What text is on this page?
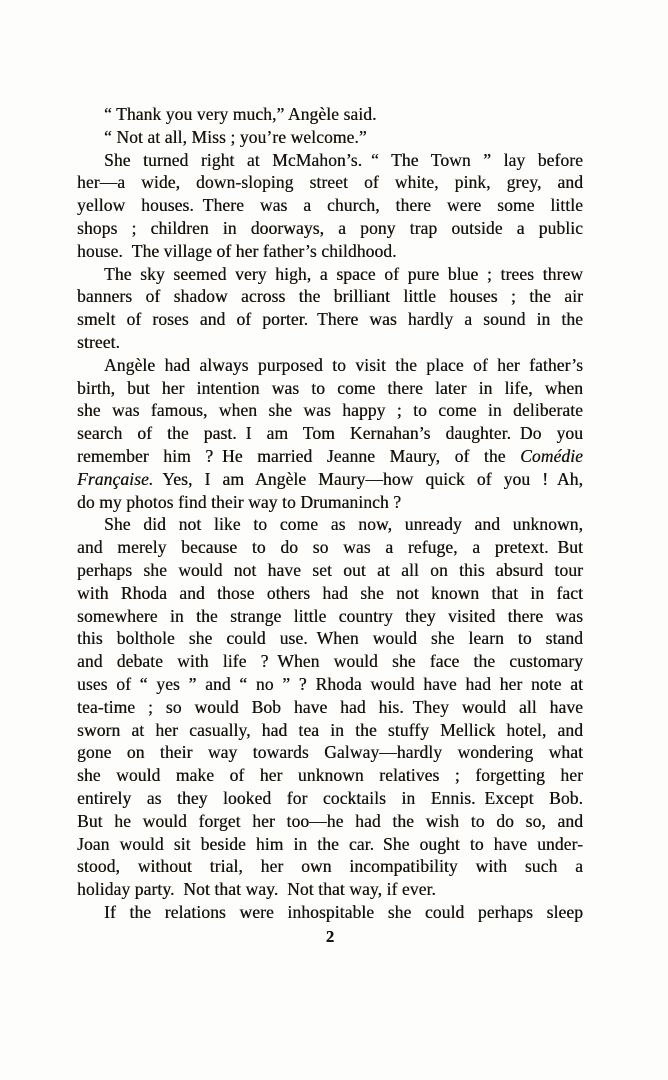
“ Thank you very much,” Angèle said.
“ Not at all, Miss ; you’re welcome.”
She turned right at McMahon’s. “ The Town ” lay before
her—a wide, down-sloping street of white, pink, grey, and
yellow houses. There was a church, there were some little
shops ; children in doorways, a pony trap outside a public
house. The village of her father’s childhood.
The sky seemed very high, a space of pure blue ; trees threw
banners of shadow across the brilliant little houses ; the air
smelt of roses and of porter. There was hardly a sound in the
street.
Angèle had always purposed to visit the place of her father’s
birth, but her intention was to come there later in life, when
she was famous, when she was happy ; to come in deliberate
search of the past. I am Tom Kernahan’s daughter. Do you
remember him ? He married Jeanne Maury, of the Comédie
Française. Yes, I am Angèle Maury—how quick of you ! Ah,
do my photos find their way to Drumaninch ?
She did not like to come as now, unready and unknown,
and merely because to do so was a refuge, a pretext. But
perhaps she would not have set out at all on this absurd tour
with Rhoda and those others had she not known that in fact
somewhere in the strange little country they visited there was
this bolthole she could use. When would she learn to stand
and debate with life ? When would she face the customary
uses of “ yes ” and “ no ” ? Rhoda would have had her note at
tea-time ; so would Bob have had his. They would all have
sworn at her casually, had tea in the stuffy Mellick hotel, and
gone on their way towards Galway—hardly wondering what
she would make of her unknown relatives ; forgetting her
entirely as they looked for cocktails in Ennis. Except Bob.
But he would forget her too—he had the wish to do so, and
Joan would sit beside him in the car. She ought to have under-
stood, without trial, her own incompatibility with such a
holiday party. Not that way. Not that way, if ever.
If the relations were inhospitable she could perhaps sleep
2
